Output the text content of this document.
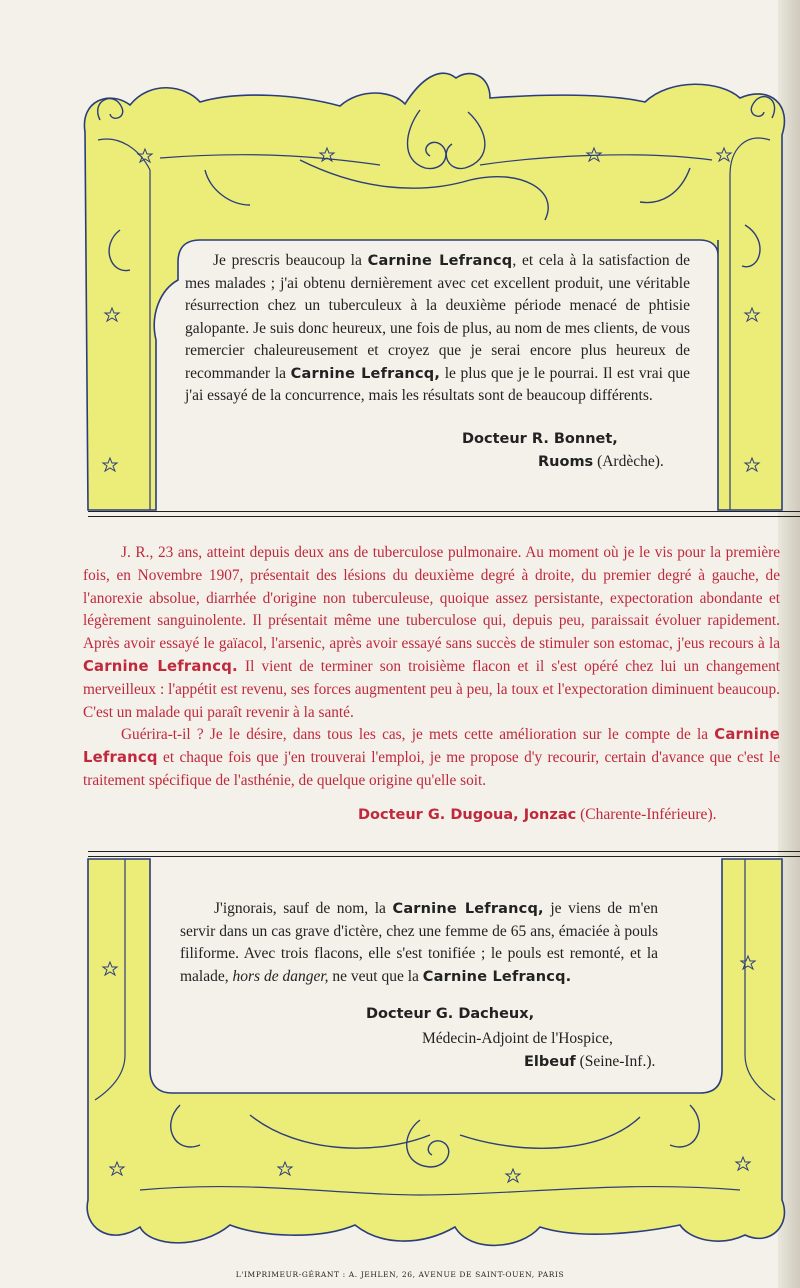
Je prescris beaucoup la Carnine Lefrancq, et cela à la satisfaction de mes malades ; j'ai obtenu dernièrement avec cet excellent produit, une véritable résurrection chez un tuberculeux à la deuxième période menacé de phtisie galopante. Je suis donc heureux, une fois de plus, au nom de mes clients, de vous remercier chaleureusement et croyez que je serai encore plus heureux de recommander la Carnine Lefrancq, le plus que je le pourrai. Il est vrai que j'ai essayé de la concurrence, mais les résultats sont de beaucoup différents.
Docteur R. Bonnet,
Ruoms (Ardèche).

J. R., 23 ans, atteint depuis deux ans de tuberculose pulmonaire. Au moment où je le vis pour la première fois, en Novembre 1907, présentait des lésions du deuxième degré à droite, du premier degré à gauche, de l'anorexie absolue, diarrhée d'origine non tuberculeuse, quoique assez persistante, expectoration abondante et légèrement sanguinolente. Il présentait même une tuberculose qui, depuis peu, paraissait évoluer rapidement. Après avoir essayé le gaïacol, l'arsenic, après avoir essayé sans succès de stimuler son estomac, j'eus recours à la Carnine Lefrancq. Il vient de terminer son troisième flacon et il s'est opéré chez lui un changement merveilleux : l'appétit est revenu, ses forces augmentent peu à peu, la toux et l'expectoration diminuent beaucoup. C'est un malade qui paraît revenir à la santé.

Guérira-t-il ? Je le désire, dans tous les cas, je mets cette amélioration sur le compte de la Carnine Lefrancq et chaque fois que j'en trouverai l'emploi, je me propose d'y recourir, certain d'avance que c'est le traitement spécifique de l'asthénie, de quelque origine qu'elle soit.

Docteur G. Dugoua, Jonzac (Charente-Inférieure).
J'ignorais, sauf de nom, la Carnine Lefrancq, je viens de m'en servir dans un cas grave d'ictère, chez une femme de 65 ans, émaciée à pouls filiforme. Avec trois flacons, elle s'est tonifiée ; le pouls est remonté, et la malade, hors de danger, ne veut que la Carnine Lefrancq.
Docteur G. Dacheux,
Médecin-Adjoint de l'Hospice,
Elbeuf (Seine-Inf.).
L'IMPRIMEUR-GÉRANT : A. JEHLEN, 26, AVENUE DE SAINT-OUEN, PARIS
